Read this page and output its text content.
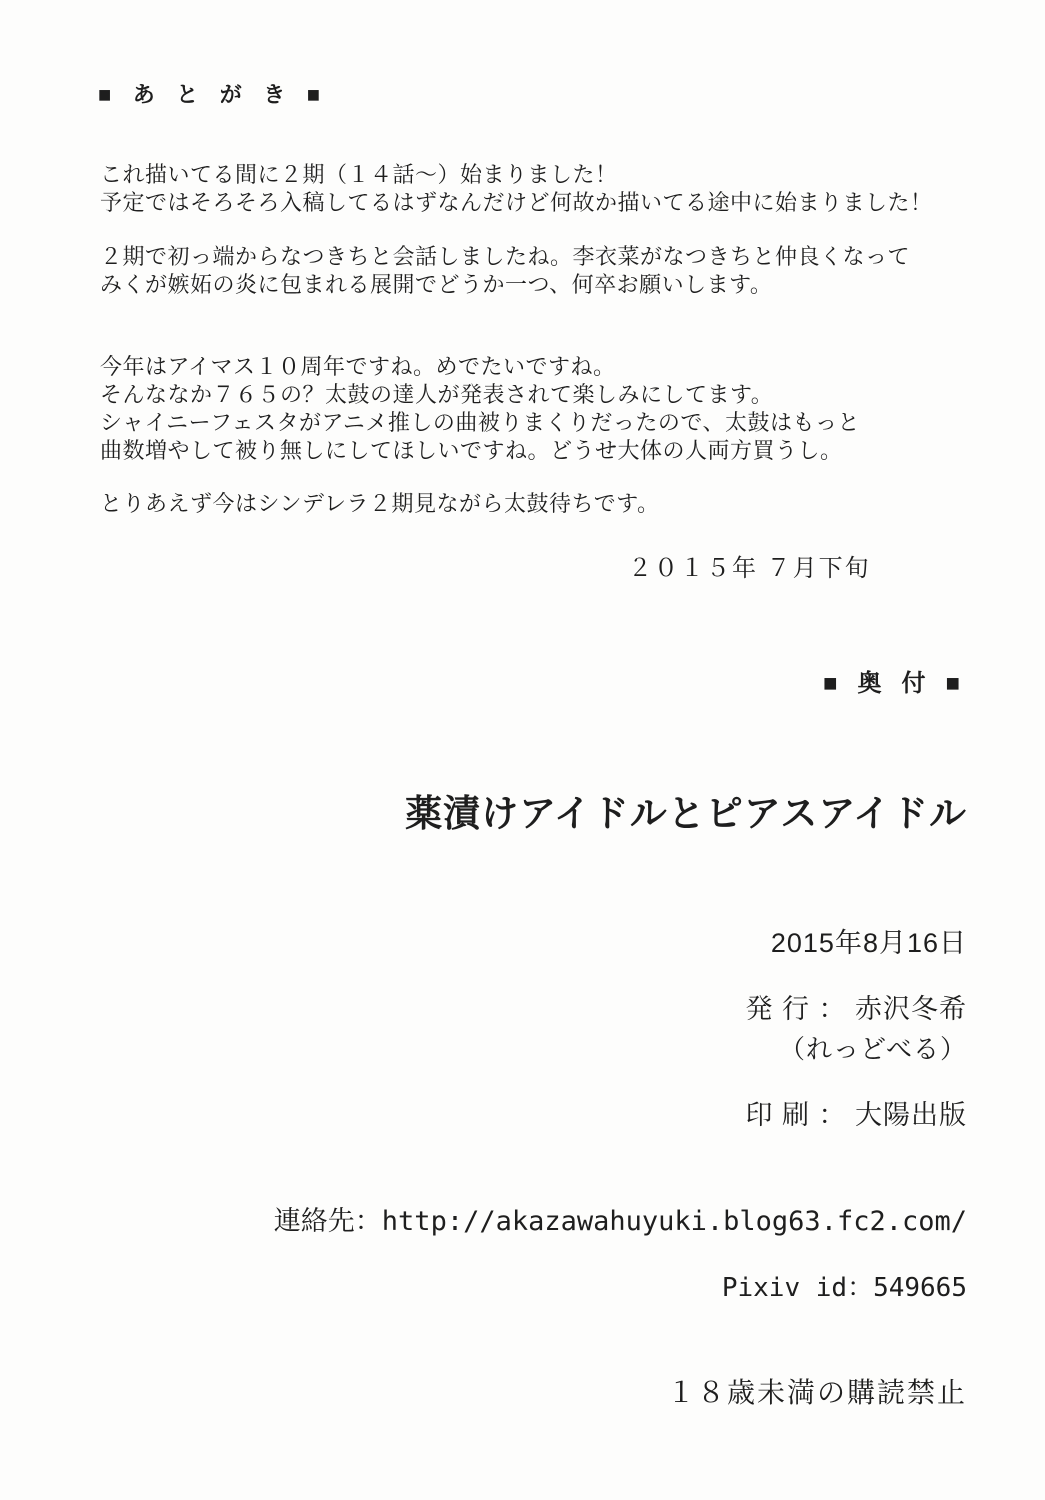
■ あ と が き ■
これ描いてる間に２期（１４話～）始まりました！
予定ではそろそろ入稿してるはずなんだけど何故か描いてる途中に始まりました！
２期で初っ端からなつきちと会話しましたね。李衣菜がなつきちと仲良くなって
みくが嫉妬の炎に包まれる展開でどうか一つ、何卒お願いします。
今年はアイマス１０周年ですね。めでたいですね。
そんななか７６５の？太鼓の達人が発表されて楽しみにしてます。
シャイニーフェスタがアニメ推しの曲被りまくりだったので、太鼓はもっと
曲数増やして被り無しにしてほしいですね。どうせ大体の人両方買うし。
とりあえず今はシンデレラ２期見ながら太鼓待ちです。
２０１５年 ７月下旬
■ 奥 付 ■
薬漬けアイドルとピアスアイドル
2015年8月16日
発 行 ： 赤沢冬希
（れっどべる）
印 刷 ： 大陽出版
連絡先：http://akazawahuyuki.blog63.fc2.com/
Pixiv id：549665
１８歳未満の購読禁止
